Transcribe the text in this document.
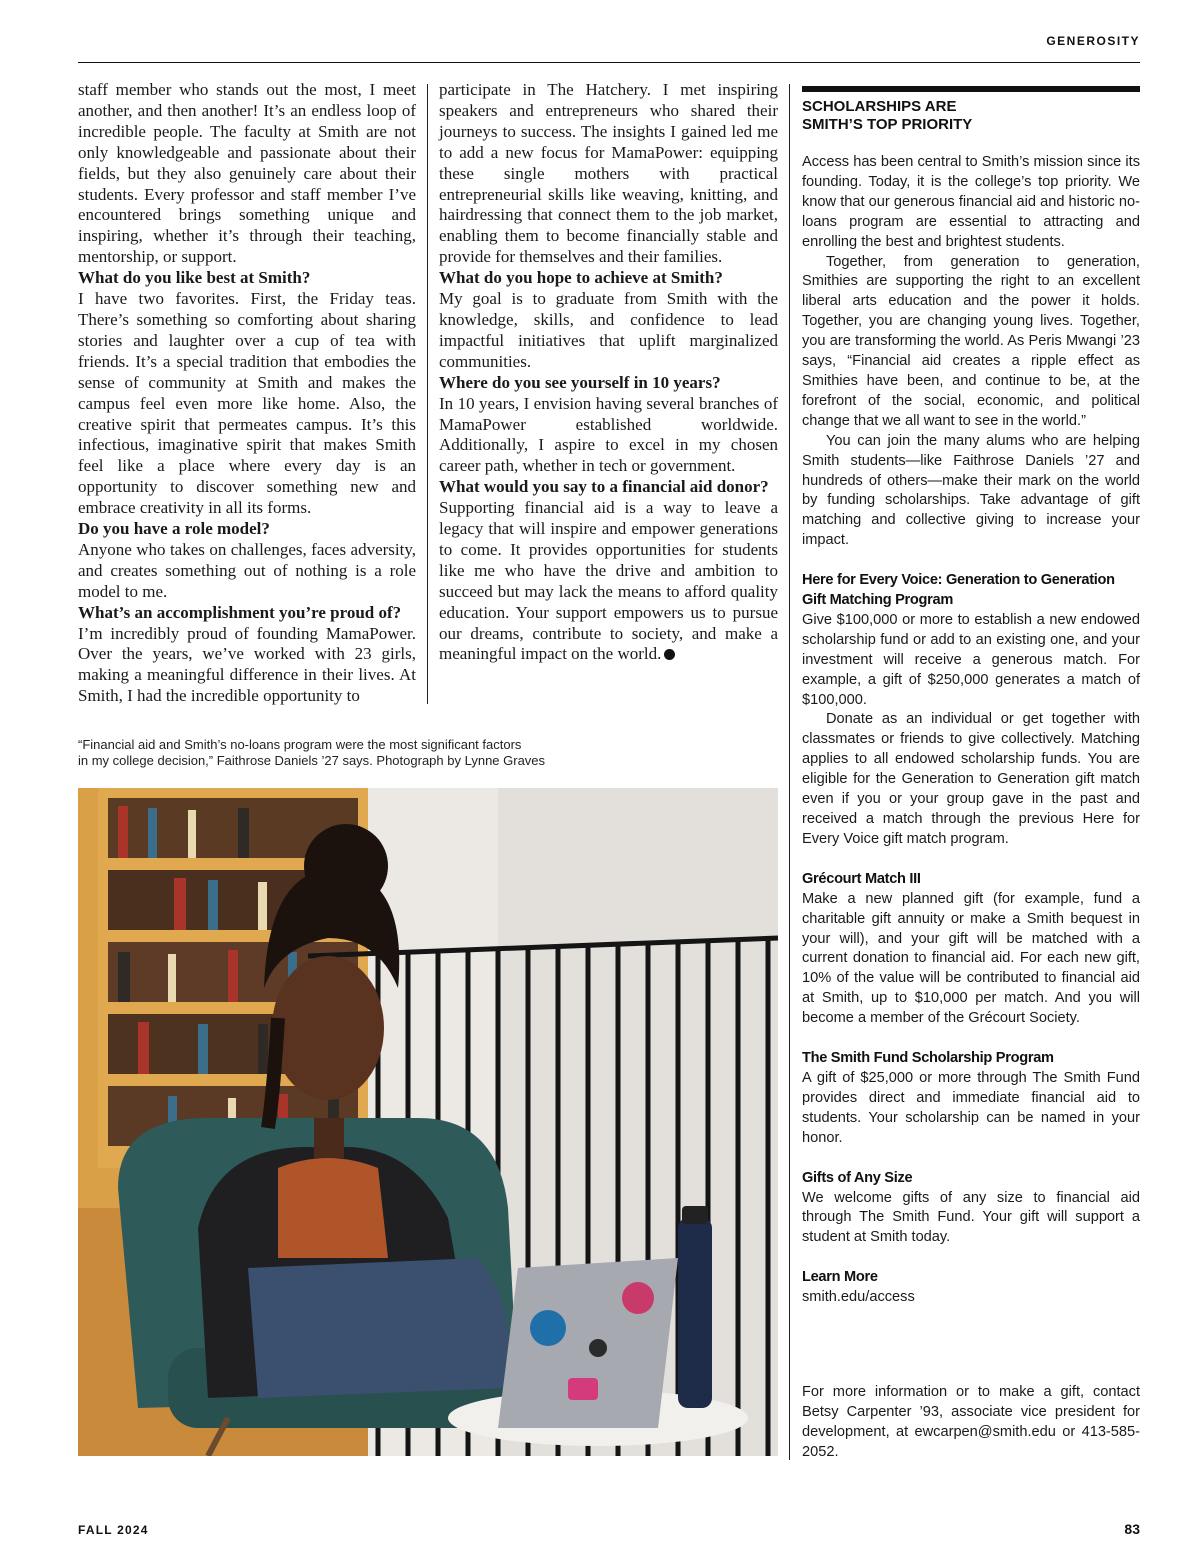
GENEROSITY

staff member who stands out the most, I meet another, and then another! It’s an endless loop of incredible people. The faculty at Smith are not only knowledgeable and passionate about their fields, but they also genuinely care about their students. Every professor and staff member I’ve encountered brings something unique and inspiring, whether it’s through their teaching, mentorship, or support.

What do you like best at Smith?

I have two favorites. First, the Friday teas. There’s something so comforting about sharing stories and laughter over a cup of tea with friends. It’s a special tradition that embodies the sense of community at Smith and makes the campus feel even more like home. Also, the creative spirit that permeates campus. It’s this infectious, imaginative spirit that makes Smith feel like a place where every day is an opportunity to discover something new and embrace creativity in all its forms.

Do you have a role model?

Anyone who takes on challenges, faces adversity, and creates something out of nothing is a role model to me.

What’s an accomplishment you’re proud of?

I’m incredibly proud of founding MamaPower. Over the years, we’ve worked with 23 girls, making a meaningful difference in their lives. At Smith, I had the incredible opportunity to

participate in The Hatchery. I met inspiring speakers and entrepreneurs who shared their journeys to success. The insights I gained led me to add a new focus for MamaPower: equipping these single mothers with practical entrepreneurial skills like weaving, knitting, and hairdressing that connect them to the job market, enabling them to become financially stable and provide for themselves and their families.

What do you hope to achieve at Smith?

My goal is to graduate from Smith with the knowledge, skills, and confidence to lead impactful initiatives that uplift marginalized communities.

Where do you see yourself in 10 years?

In 10 years, I envision having several branches of MamaPower established worldwide. Additionally, I aspire to excel in my chosen career path, whether in tech or government.

What would you say to a financial aid donor?

Supporting financial aid is a way to leave a legacy that will inspire and empower generations to come. It provides opportunities for students like me who have the drive and ambition to succeed but may lack the means to afford quality education. Your support empowers us to pursue our dreams, contribute to society, and make a meaningful impact on the world.

“Financial aid and Smith’s no-loans program were the most significant factors
in my college decision,” Faithrose Daniels ’27 says. Photograph by Lynne Graves
SCHOLARSHIPS ARE
SMITH’S TOP PRIORITY

Access has been central to Smith’s mission since its founding. Today, it is the college’s top priority. We know that our generous financial aid and historic no-loans program are essential to attracting and enrolling the best and brightest students.

Together, from generation to generation, Smithies are supporting the right to an excellent liberal arts education and the power it holds. Together, you are changing young lives. Together, you are transforming the world. As Peris Mwangi ’23 says, “Financial aid creates a ripple effect as Smithies have been, and continue to be, at the forefront of the social, economic, and political change that we all want to see in the world.”

You can join the many alums who are helping Smith students—like Faithrose Daniels ’27 and hundreds of others—make their mark on the world by funding scholarships. Take advantage of gift matching and collective giving to increase your impact.

Here for Every Voice: Generation to Generation Gift Matching Program

Give $100,000 or more to establish a new endowed scholarship fund or add to an existing one, and your investment will receive a generous match. For example, a gift of $250,000 generates a match of $100,000.

Donate as an individual or get together with classmates or friends to give collectively. Matching applies to all endowed scholarship funds. You are eligible for the Generation to Generation gift match even if you or your group gave in the past and received a match through the previous Here for Every Voice gift match program.

Grécourt Match III

Make a new planned gift (for example, fund a charitable gift annuity or make a Smith bequest in your will), and your gift will be matched with a current donation to financial aid. For each new gift, 10% of the value will be contributed to financial aid at Smith, up to $10,000 per match. And you will become a member of the Grécourt Society.

The Smith Fund Scholarship Program

A gift of $25,000 or more through The Smith Fund provides direct and immediate financial aid to students. Your scholarship can be named in your honor.

Gifts of Any Size

We welcome gifts of any size to financial aid through The Smith Fund. Your gift will support a student at Smith today.

Learn More
smith.edu/access

For more information or to make a gift, contact Betsy Carpenter ’93, associate vice president for development, at ewcarpen@smith.edu or 413-585-2052.

FALL 2024	83
